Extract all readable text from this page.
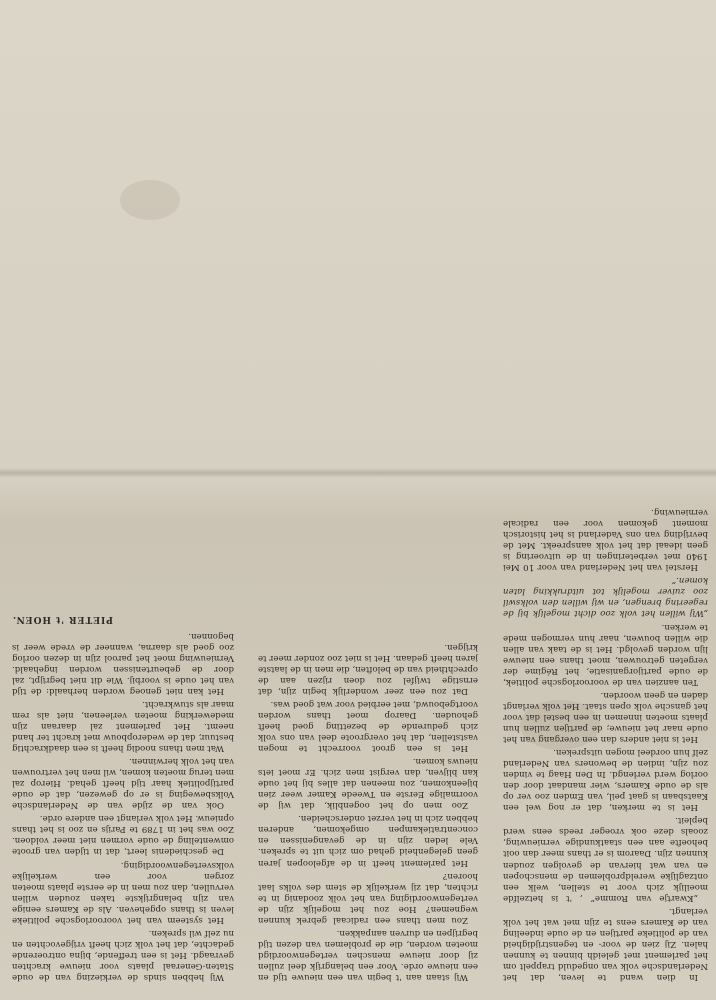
In dien wand te leven, dat het Nederlandsche volk van ongeduld trappelt om het parlement met geleidh binnen te kunnen halen. Zij zien de voor- en tegenstrijdigheid van de politieke partijen en de oude indeeling van de Kamers eens te zijn met wat het volk verlangt.

„Kwartje van Romme” ‚ 't is hetzelfde moeilijk zich voor te stellen, welk een ontzaglijke wereldproblemen de menschopen en van wat hiervan de gevolgen zouden kunnen zijn. Daarom is er thans meer dan ooit behoefte aan een staatkundige vernieuwing, zooals deze ook vroeger reeds eens werd bepleit.

Het is te merken, dat er nog wel een Kaatsbaan is gaat peil, van Emden zoo ver op als de oude Kamers, wier mandaat door den oorlog werd verlengd. In Den Haag te vinden zou zijn, indien de bewoners van Nederland zelf hun oordeel mogen uitspreken.

Het is niet anders dan een overgang van het oude naar het nieuwe; de partijen zullen hun plaats moeten innemen in een bestel dat voor het gansche volk open staat. Het volk verlangt daden en geen woorden.

Ten aanzien van de vooroorlogsche politiek, de oude partijorganisatie, het Régime der vergeten getrouwen, moet thans een nieuwe lijn worden gevolgd. Het is de taak van allen die willen bouwen, naar hun vermogen mede te werken.

„Wij willen het volk zoo dicht mogelijk bij de regeering brengen, en wij willen den volkswil zoo zuiver mogelijk tot uitdrukking laten komen.”

Herstel van het Nederland van voor 10 Mei 1940 met verbeteringen in de uitvoering is geen ideaal dat het volk aanspreekt. Met de bevrijding van ons Vaderland is het historisch moment gekomen voor een radicale vernieuwing.

Wij staan aan 't begin van een nieuwe tijd en een nieuwe orde. Voor een belangrijk deel zullen zij door nieuwe menschen vertegenwoordigd moeten worden, die de problemen van dezen tijd begrijpen en durven aanpakken.

Zou men thans een radicaal gebrek kunnen wegnemen? Hoe zou het mogelijk zijn de vertegenwoordiging van het volk zoodanig in te richten, dat zij werkelijk de stem des volks laat hooren?

Het parlement heeft in de afgeloopen jaren geen gelegenheid gehad om zich uit te spreken. Vele leden zijn in de gevangenissen en concentratiekampen omgekomen, anderen hebben zich in het verzet onderscheiden.

Zoo men op het oogenblik, dat wij de voormalige Eerste en Tweede Kamer weer zien bijeenkomen, zou meenen dat alles bij het oude kan blijven, dan vergist men zich. Er moet iets nieuws komen.

Het is een groot voorrecht te mogen vaststellen, dat het overgroote deel van ons volk zich gedurende de bezetting goed heeft gehouden. Daarop moet thans worden voortgebouwd, met eerbied voor wat goed was.

Dat zou een zeer wonderlijk begin zijn, dat ernstige twijfel zou doen rijzen aan de oprechtheid van de beloften, die men in de laatste jaren heeft gedaan. Het is niet zoo zonder meer te krijgen.

Wij hebben sinds de verkiezing van de oude Staten-Generaal plaats voor nieuwe krachten gevraagd. Het is een treffende, bijna ontroerende gedachte, dat het volk zich heeft vrijgevochten en nu zelf wil spreken.

Het systeem van het vooroorlogsche politieke leven is thans opgeheven. Als de Kamers eenige van zijn belangrijkste taken zouden willen vervullen, dan zou men in de eerste plaats moeten zorgen voor een werkelijke volksvertegenwoordiging.

De geschiedenis leert, dat in tijden van groote omwenteling de oude vormen niet meer voldoen. Zoo was het in 1789 te Parijs en zoo is het thans opnieuw. Het volk verlangt een andere orde.

Ook van de zijde van de Nederlandsche Volksbeweging is er op gewezen, dat de oude partijpolitiek haar tijd heeft gehad. Hierop zal men terug moeten komen, wil men het vertrouwen van het volk herwinnen.

Wat men thans noodig heeft is een daadkrachtig bestuur, dat de wederopbouw met kracht ter hand neemt. Het parlement zal daaraan zijn medewerking moeten verleenen, niet als rem maar als stuwkracht.

Het kan niet genoeg worden herhaald: de tijd van het oude is voorbij. Wie dit niet begrijpt, zal door de gebeurtenissen worden ingehaald. Vernieuwing moet het parool zijn in dezen oorlog zoo goed als daarna, wanneer de vrede weer is begonnen.

PIETER 't HOEN.
